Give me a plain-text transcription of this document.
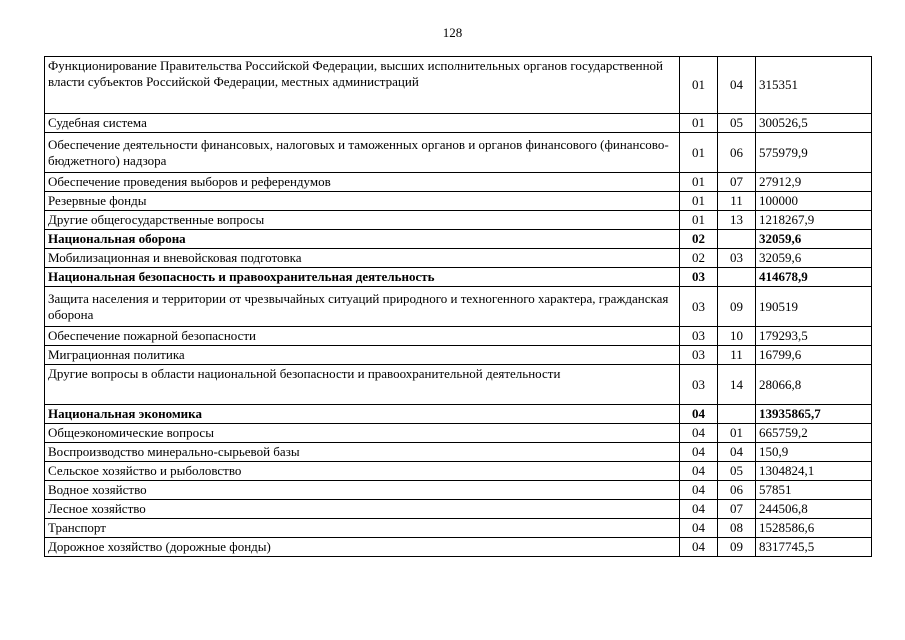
128
Функционирование Правительства Российской Федерации, высших исполнительных органов государственной власти субъектов Российской Федерации, местных администраций	01	04	315351
Судебная система	01	05	300526,5
Обеспечение деятельности финансовых, налоговых и таможенных органов и органов финансового (финансово-бюджетного) надзора	01	06	575979,9
Обеспечение проведения выборов и референдумов	01	07	27912,9
Резервные фонды	01	11	100000
Другие общегосударственные вопросы	01	13	1218267,9
Национальная оборона	02		32059,6
Мобилизационная и вневойсковая подготовка	02	03	32059,6
Национальная безопасность и правоохранительная деятельность	03		414678,9
Защита населения и территории от чрезвычайных ситуаций природного и техногенного характера, гражданская оборона	03	09	190519
Обеспечение пожарной безопасности	03	10	179293,5
Миграционная политика	03	11	16799,6
Другие вопросы в области национальной безопасности и правоохранительной деятельности	03	14	28066,8
Национальная экономика	04		13935865,7
Общеэкономические вопросы	04	01	665759,2
Воспроизводство минерально-сырьевой базы	04	04	150,9
Сельское хозяйство и рыболовство	04	05	1304824,1
Водное хозяйство	04	06	57851
Лесное хозяйство	04	07	244506,8
Транспорт	04	08	1528586,6
Дорожное хозяйство (дорожные фонды)	04	09	8317745,5
